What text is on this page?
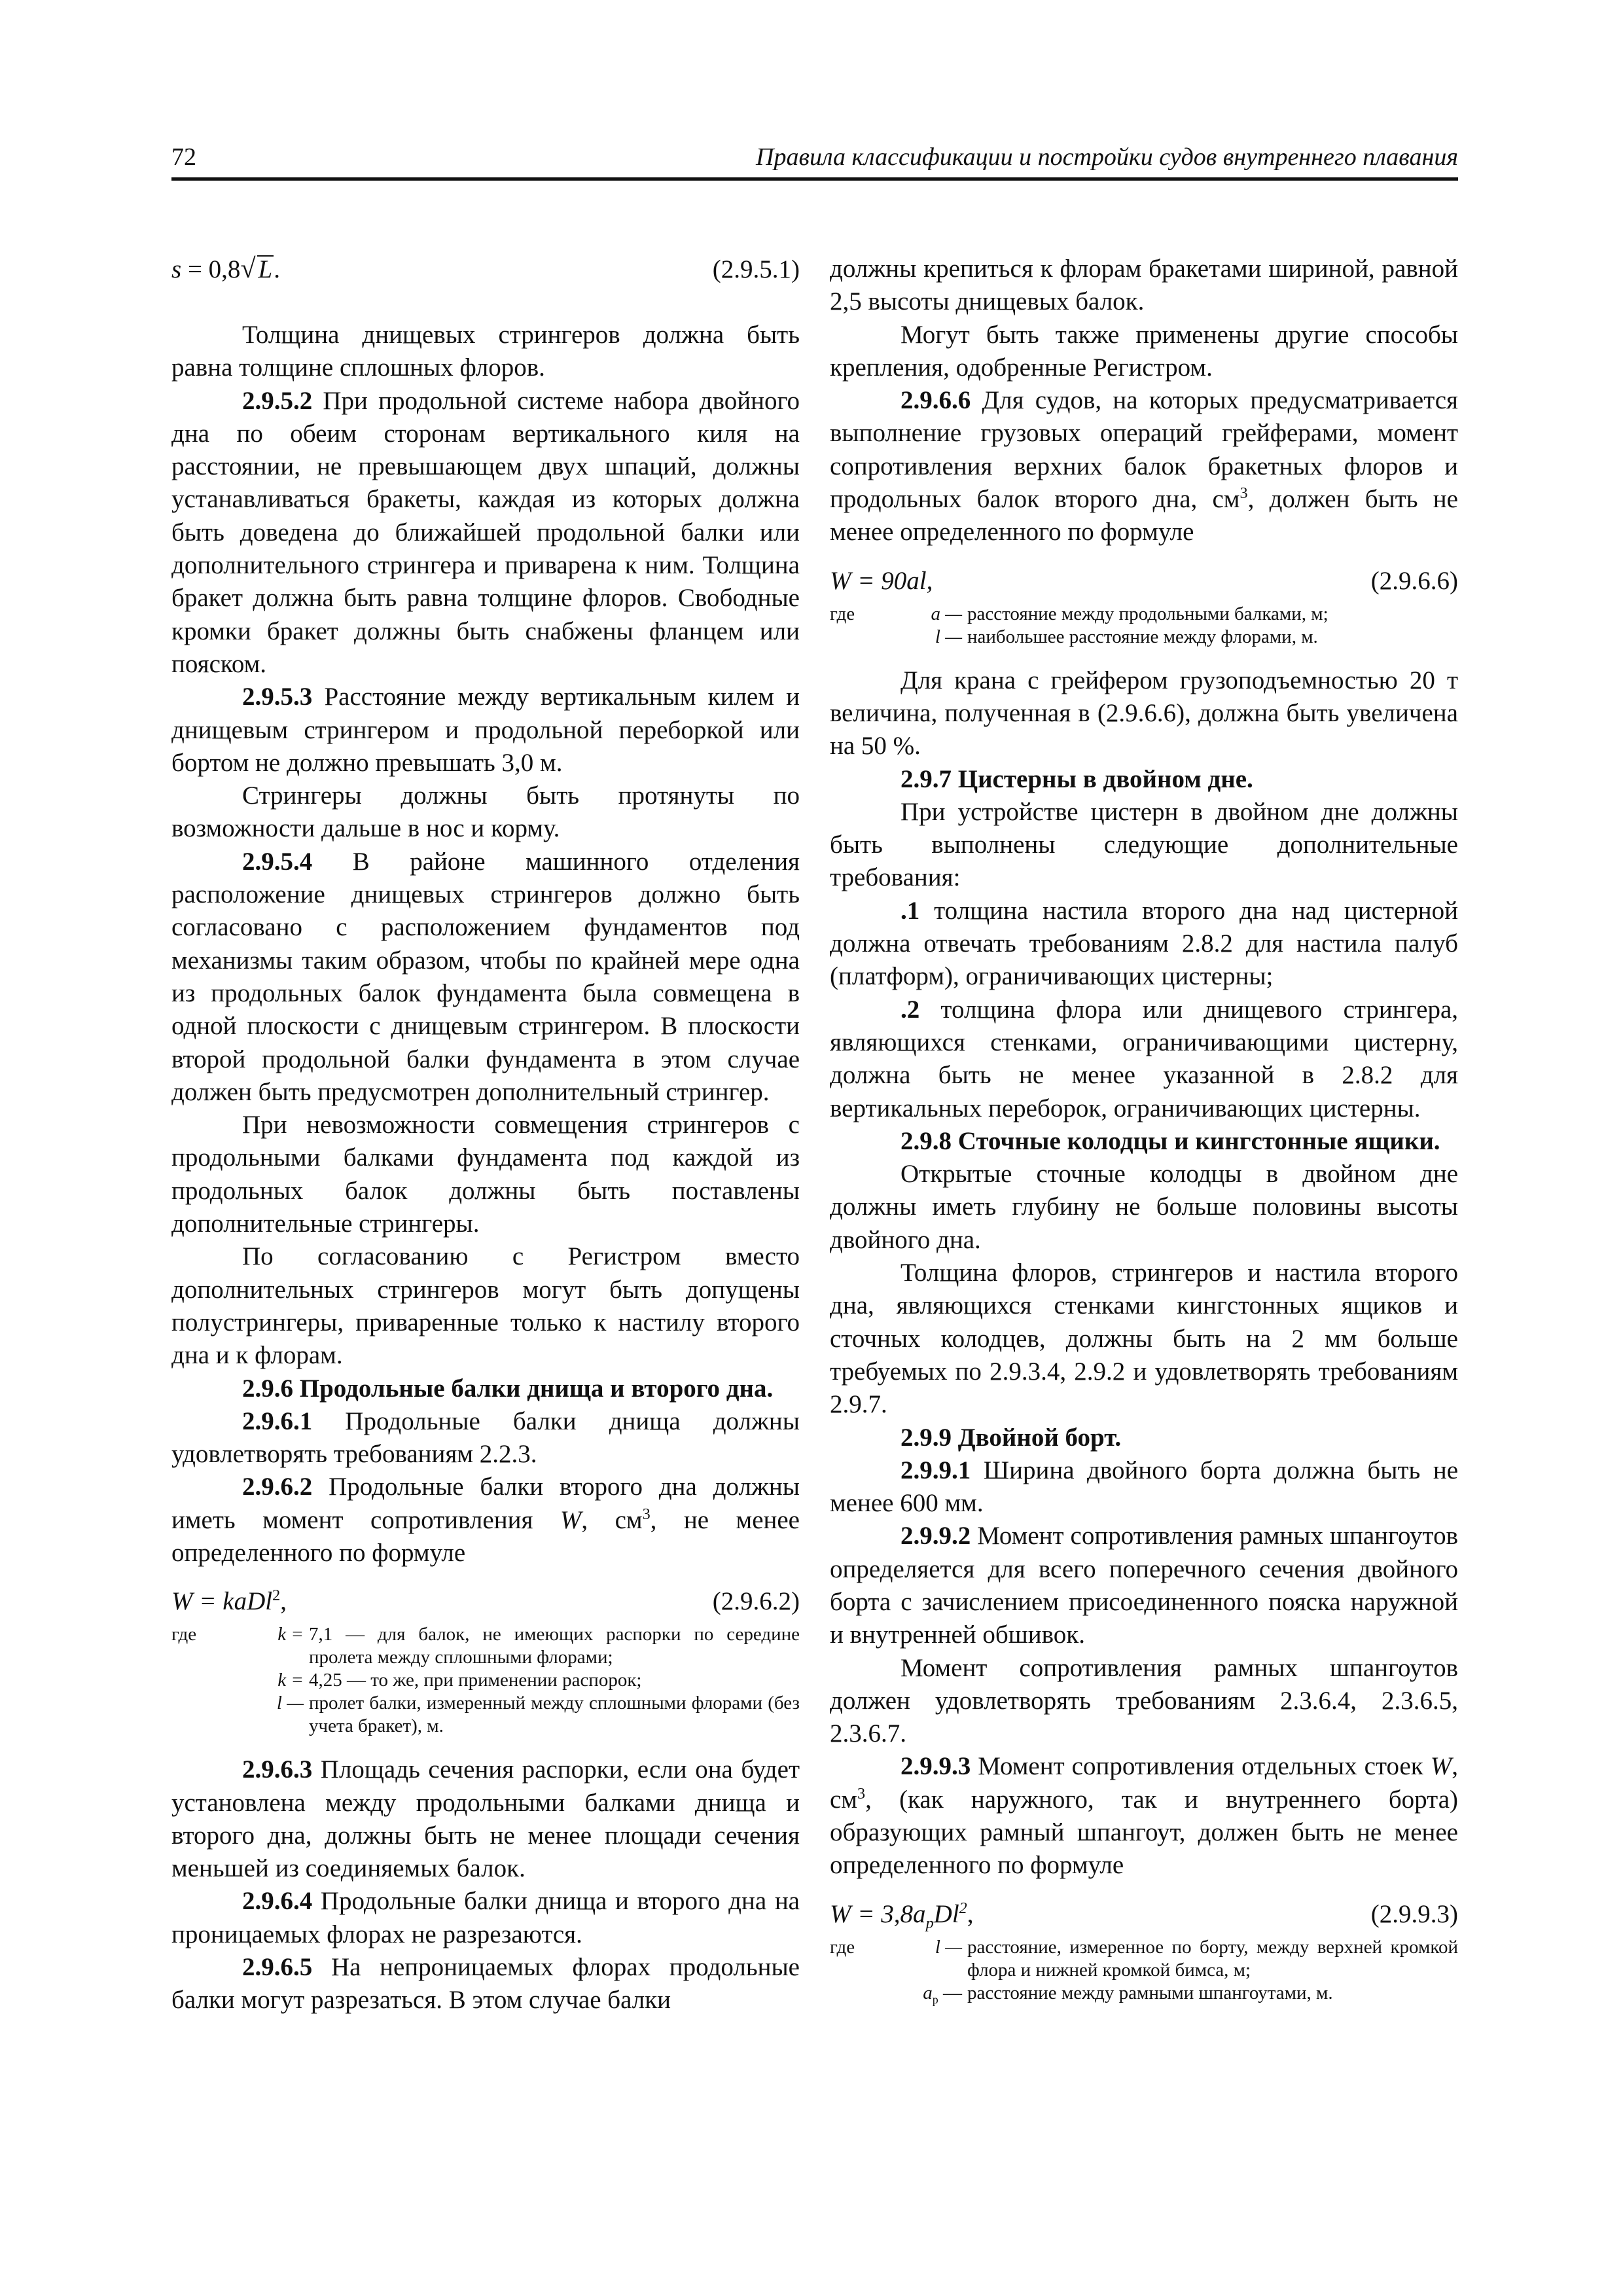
72	Правила классификации и постройки судов внутреннего плавания
s = 0,8√ L.	(2.9.5.1)

Толщина днищевых стрингеров должна быть равна толщине сплошных флоров.

2.9.5.2 При продольной системе набора двойного дна по обеим сторонам вертикального киля на расстоянии, не превышающем двух шпаций, должны устанавливаться бракеты, каждая из которых должна быть доведена до ближайшей продольной балки или дополнительного стрингера и приварена к ним. Толщина бракет должна быть равна толщине флоров. Свободные кромки бракет должны быть снабжены фланцем или пояском.

2.9.5.3 Расстояние между вертикальным килем и днищевым стрингером и продольной переборкой или бортом не должно превышать 3,0 м.

Стрингеры должны быть протянуты по возможности дальше в нос и корму.

2.9.5.4 В районе машинного отделения расположение днищевых стрингеров должно быть согласовано с расположением фундаментов под механизмы таким образом, чтобы по крайней мере одна из продольных балок фундамента была совмещена в одной плоскости с днищевым стрингером. В плоскости второй продольной балки фундамента в этом случае должен быть предусмотрен дополнительный стрингер.

При невозможности совмещения стрингеров с продольными балками фундамента под каждой из продольных балок должны быть поставлены дополнительные стрингеры.

По согласованию с Регистром вместо дополнительных стрингеров могут быть допущены полустрингеры, приваренные только к настилу второго дна и к флорам.

2.9.6 Продольные балки днища и второго дна.

2.9.6.1 Продольные балки днища должны удовлетворять требованиям 2.2.3.

2.9.6.2 Продольные балки второго дна должны иметь момент сопротивления W, $см^3$, не менее определенного по формуле

W = kaDl$^2$,	(2.9.6.2)
где	k = 7,1 — для балок, не имеющих распорки по середине пролета между сплошными флорами;
k = 4,25 — то же, при применении распорок;
l — пролет балки, измеренный между сплошными флорами (без учета бракет), м.

2.9.6.3 Площадь сечения распорки, если она будет установлена между продольными балками днища и второго дна, должны быть не менее площади сечения меньшей из соединяемых балок.

2.9.6.4 Продольные балки днища и второго дна на проницаемых флорах не разрезаются.

2.9.6.5 На непроницаемых флорах продольные балки могут разрезаться. В этом случае балки

должны крепиться к флорам бракетами шириной, равной 2,5 высоты днищевых балок.

Могут быть также применены другие способы крепления, одобренные Регистром.

2.9.6.6 Для судов, на которых предусматривается выполнение грузовых операций грейферами, момент сопротивления верхних балок бракетных флоров и продольных балок второго дна, $см^3$, должен быть не менее определенного по формуле

W = 90al,	(2.9.6.6)
где	a — расстояние между продольными балками, м;
l — наибольшее расстояние между флорами, м.

Для крана с грейфером грузоподъемностью 20 т величина, полученная в (2.9.6.6), должна быть увеличена на 50 %.

2.9.7 Цистерны в двойном дне.

При устройстве цистерн в двойном дне должны быть выполнены следующие дополнительные требования:

.1 толщина настила второго дна над цистерной должна отвечать требованиям 2.8.2 для настила палуб (платформ), ограничивающих цистерны;

.2 толщина флора или днищевого стрингера, являющихся стенками, ограничивающими цистерну, должна быть не менее указанной в 2.8.2 для вертикальных переборок, ограничивающих цистерны.

2.9.8 Сточные колодцы и кингстонные ящики.

Открытые сточные колодцы в двойном дне должны иметь глубину не больше половины высоты двойного дна.

Толщина флоров, стрингеров и настила второго дна, являющихся стенками кингстонных ящиков и сточных колодцев, должны быть на 2 мм больше требуемых по 2.9.3.4, 2.9.2 и удовлетворять требованиям 2.9.7.

2.9.9 Двойной борт.

2.9.9.1 Ширина двойного борта должна быть не менее 600 мм.

2.9.9.2 Момент сопротивления рамных шпангоутов определяется для всего поперечного сечения двойного борта с зачислением присоединенного пояска наружной и внутренней обшивок.

Момент сопротивления рамных шпангоутов должен удовлетворять требованиям 2.3.6.4, 2.3.6.5, 2.3.6.7.

2.9.9.3 Момент сопротивления отдельных стоек W, $см^3$, (как наружного, так и внутреннего борта) образующих рамный шпангоут, должен быть не менее определенного по формуле

$W = 3,8a_pDl^2$,	(2.9.9.3)
где	l — расстояние, измеренное по борту, между верхней кромкой флора и нижней кромкой бимса, м;
$a_р$ — расстояние между рамными шпангоутами, м.
